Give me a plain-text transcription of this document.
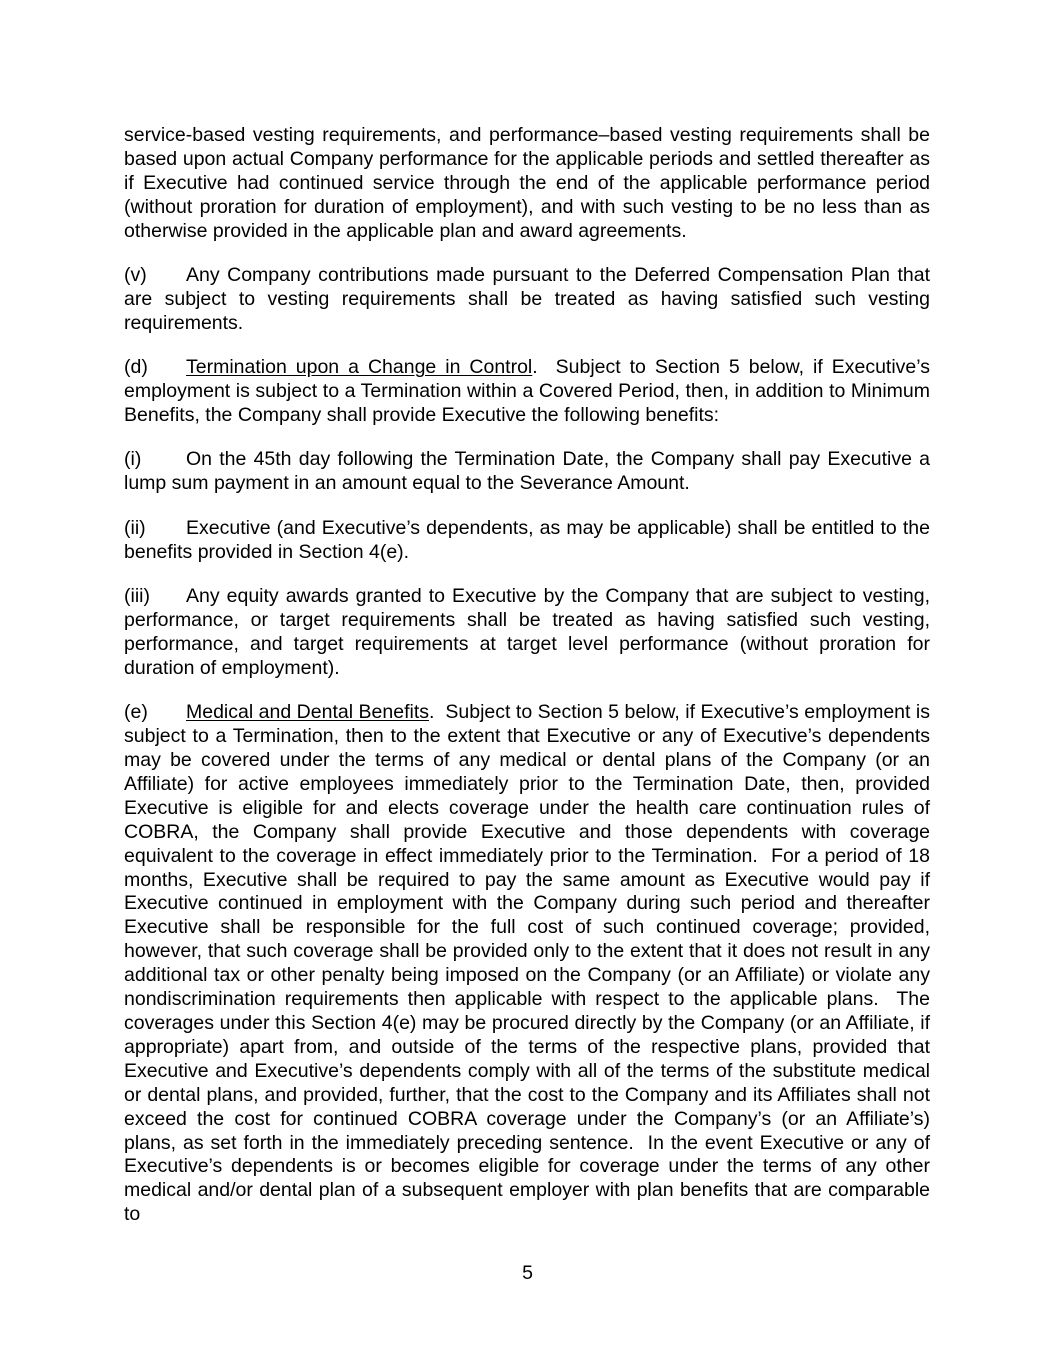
service-based vesting requirements, and performance–based vesting requirements shall be based upon actual Company performance for the applicable periods and settled thereafter as if Executive had continued service through the end of the applicable performance period (without proration for duration of employment), and with such vesting to be no less than as otherwise provided in the applicable plan and award agreements.

(v) Any Company contributions made pursuant to the Deferred Compensation Plan that are subject to vesting requirements shall be treated as having satisfied such vesting requirements.

(d) Termination upon a Change in Control.  Subject to Section 5 below, if Executive’s employment is subject to a Termination within a Covered Period, then, in addition to Minimum Benefits, the Company shall provide Executive the following benefits:

(i) On the 45th day following the Termination Date, the Company shall pay Executive a lump sum payment in an amount equal to the Severance Amount.

(ii) Executive (and Executive’s dependents, as may be applicable) shall be entitled to the benefits provided in Section 4(e).

(iii) Any equity awards granted to Executive by the Company that are subject to vesting, performance, or target requirements shall be treated as having satisfied such vesting, performance, and target requirements at target level performance (without proration for duration of employment).

(e) Medical and Dental Benefits.  Subject to Section 5 below, if Executive’s employment is subject to a Termination, then to the extent that Executive or any of Executive’s dependents may be covered under the terms of any medical or dental plans of the Company (or an Affiliate) for active employees immediately prior to the Termination Date, then, provided Executive is eligible for and elects coverage under the health care continuation rules of COBRA, the Company shall provide Executive and those dependents with coverage equivalent to the coverage in effect immediately prior to the Termination.  For a period of 18 months, Executive shall be required to pay the same amount as Executive would pay if Executive continued in employment with the Company during such period and thereafter Executive shall be responsible for the full cost of such continued coverage; provided, however, that such coverage shall be provided only to the extent that it does not result in any additional tax or other penalty being imposed on the Company (or an Affiliate) or violate any nondiscrimination requirements then applicable with respect to the applicable plans.  The coverages under this Section 4(e) may be procured directly by the Company (or an Affiliate, if appropriate) apart from, and outside of the terms of the respective plans, provided that Executive and Executive’s dependents comply with all of the terms of the substitute medical or dental plans, and provided, further, that the cost to the Company and its Affiliates shall not exceed the cost for continued COBRA coverage under the Company’s (or an Affiliate’s) plans, as set forth in the immediately preceding sentence.  In the event Executive or any of Executive’s dependents is or becomes eligible for coverage under the terms of any other medical and/or dental plan of a subsequent employer with plan benefits that are comparable to

5
